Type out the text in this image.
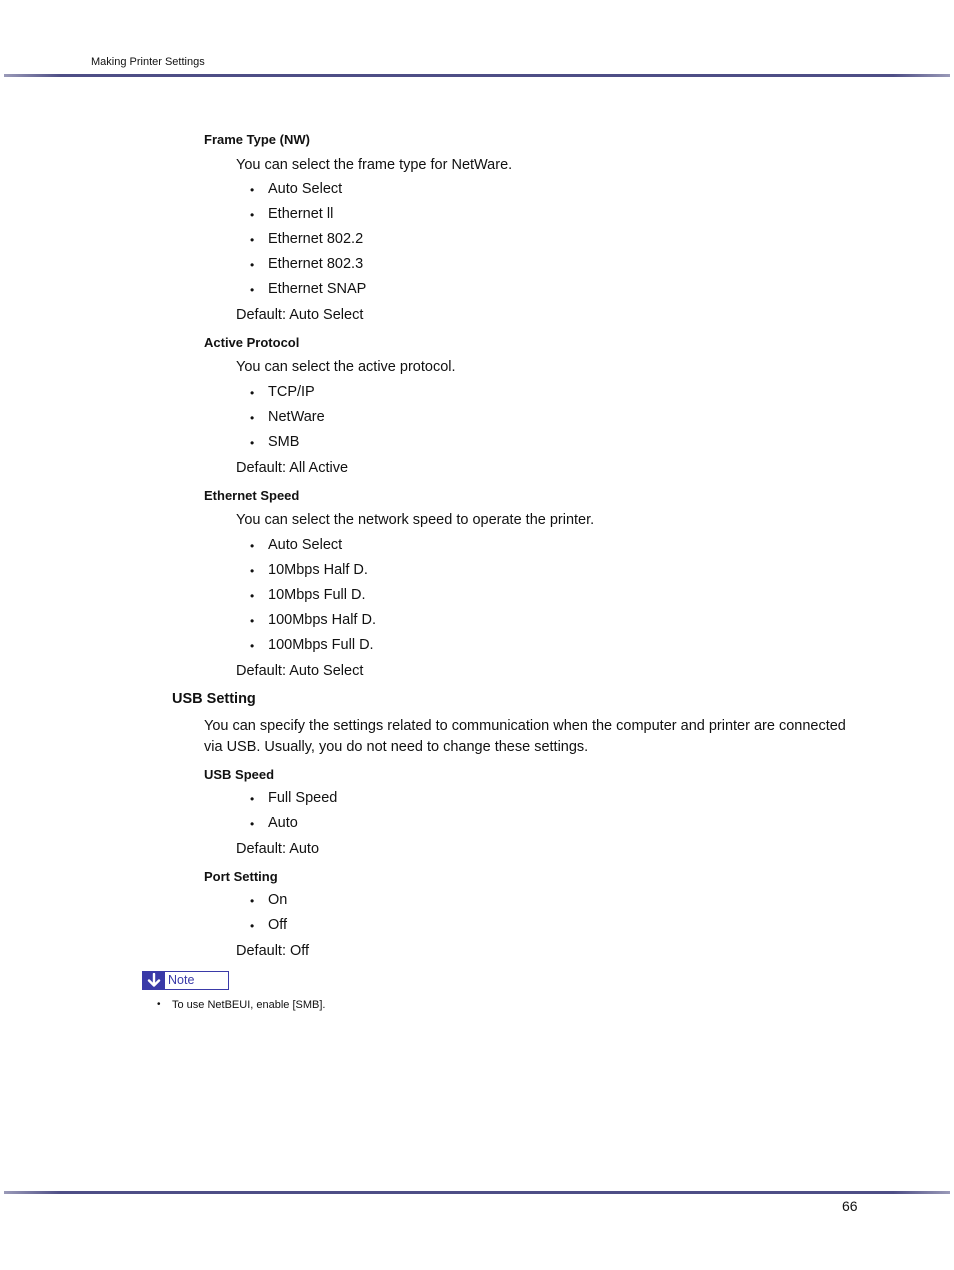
Making Printer Settings
Frame Type (NW)
You can select the frame type for NetWare.
• Auto Select
• Ethernet ll
• Ethernet 802.2
• Ethernet 802.3
• Ethernet SNAP
Default: Auto Select
Active Protocol
You can select the active protocol.
• TCP/IP
• NetWare
• SMB
Default: All Active
Ethernet Speed
You can select the network speed to operate the printer.
• Auto Select
• 10Mbps Half D.
• 10Mbps Full D.
• 100Mbps Half D.
• 100Mbps Full D.
Default: Auto Select
USB Setting
You can specify the settings related to communication when the computer and printer are connected via USB. Usually, you do not need to change these settings.
USB Speed
• Full Speed
• Auto
Default: Auto
Port Setting
• On
• Off
Default: Off
Note
• To use NetBEUI, enable [SMB].
66
